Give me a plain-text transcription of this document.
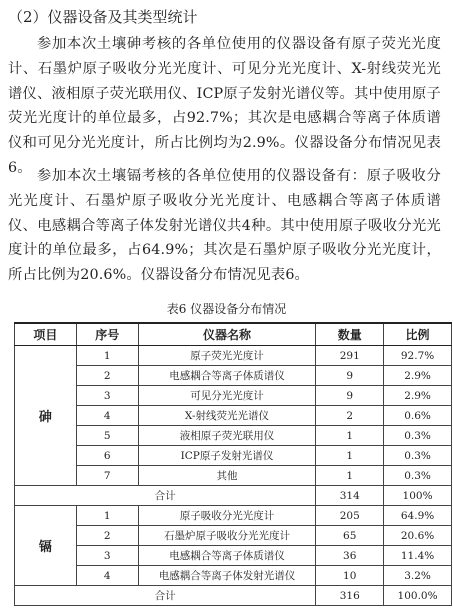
（2）仪器设备及其类型统计

参加本次土壤砷考核的各单位使用的仪器设备有原子荧光光度计、石墨炉原子吸收分光光度计、可见分光光度计、X-射线荧光光谱仪、液相原子荧光联用仪、ICP原子发射光谱仪等。其中使用原子荧光光度计的单位最多，占92.7%；其次是电感耦合等离子体质谱仪和可见分光光度计，所占比例均为2.9%。仪器设备分布情况见表6。

参加本次土壤镉考核的各单位使用的仪器设备有：原子吸收分光光度计、石墨炉原子吸收分光光度计、电感耦合等离子体质谱仪、电感耦合等离子体发射光谱仪共4种。其中使用原子吸收分光光度计的单位最多，占64.9%；其次是石墨炉原子吸收分光光度计，所占比例为20.6%。仪器设备分布情况见表6。

表6 仪器设备分布情况
项目	序号	仪器名称	数量	比例
砷	1	原子荧光光度计	291	92.7%
	2	电感耦合等离子体质谱仪	9	2.9%
	3	可见分光光度计	9	2.9%
	4	X-射线荧光光谱仪	2	0.6%
	5	液相原子荧光联用仪	1	0.3%
	6	ICP原子发射光谱仪	1	0.3%
	7	其他	1	0.3%
合计			314	100%
镉	1	原子吸收分光光度计	205	64.9%
	2	石墨炉原子吸收分光光度计	65	20.6%
	3	电感耦合等离子体质谱仪	36	11.4%
	4	电感耦合等离子体发射光谱仪	10	3.2%
合计			316	100.0%
